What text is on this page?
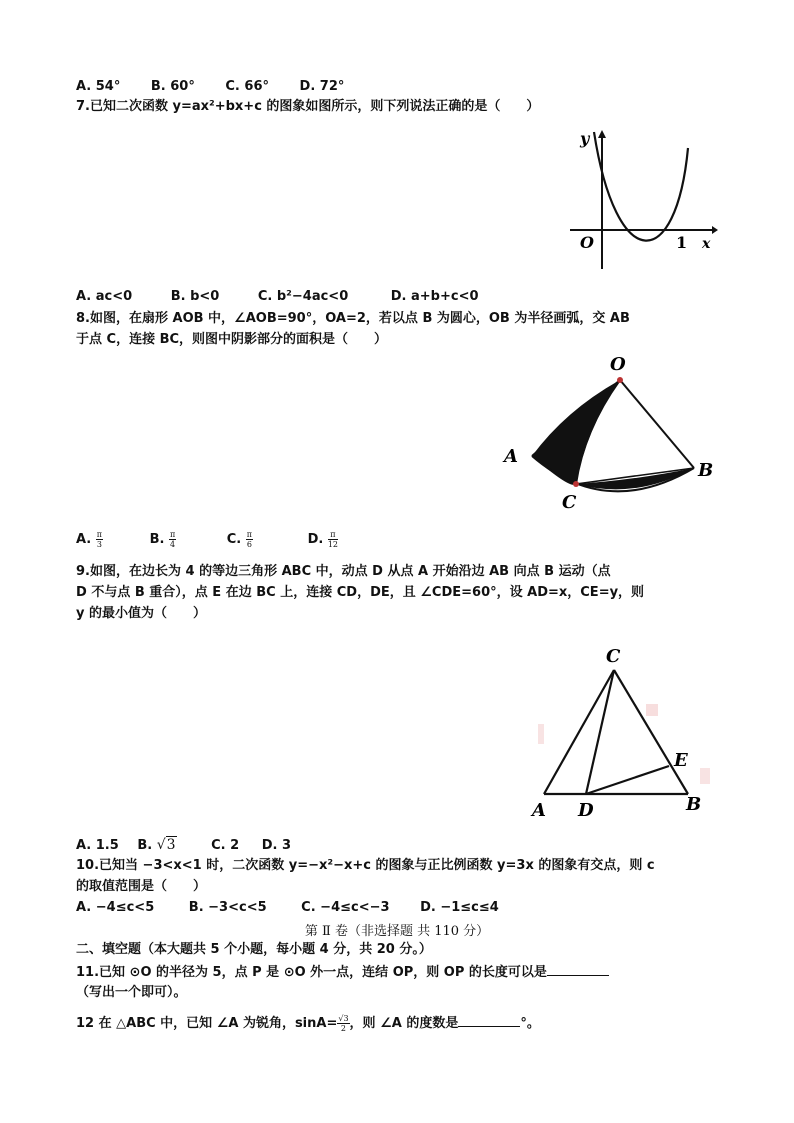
A. 54° B. 60° C. 66° D. 72°
7.已知二次函数 y=ax²+bx+c 的图象如图所示，则下列说法正确的是（　　）
y
O	1 x
A. ac<0	B. b<0	C. b²−4ac<0	D. a+b+c<0
8.如图，在扇形 AOB 中，∠AOB=90°，OA=2，若以点 B 为圆心，OB 为半径画弧，交 AB
于点 C，连接 BC，则图中阴影部分的面积是（　　）
O
A
B
C
A. $\frac{\pi}{3}$	B. $\frac{\pi}{4}$	C. $\frac{\pi}{6}$	D. $\frac{\pi}{12}$
9.如图，在边长为 4 的等边三角形 ABC 中，动点 D 从点 A 开始沿边 AB 向点 B 运动（点
D 不与点 B 重合），点 E 在边 BC 上，连接 CD，DE，且 ∠CDE=60°，设 AD=x，CE=y，则
y 的最小值为（　　）
C
A D	B
E
A. 1.5 B. √3	C. 2 D. 3
10.已知当 −3<x<1 时，二次函数 y=−x²−x+c 的图象与正比例函数 y=3x 的图象有交点，则 c
的取值范围是（　　）
A. −4≤c<5	B. −3<c<5	C. −4≤c<−3 D. −1≤c≤4
第 Ⅱ 卷（非选择题 共 110 分）
二、填空题（本大题共 5 个小题，每小题 4 分，共 20 分。）
11.已知 ⊙O 的半径为 5，点 P 是 ⊙O 外一点，连结 OP，则 OP 的长度可以是
（写出一个即可）。
12 在 △ABC 中，已知 ∠A 为锐角，$\sin A= \frac{√3}{2}$ ，则 ∠A 的度数是	°。
